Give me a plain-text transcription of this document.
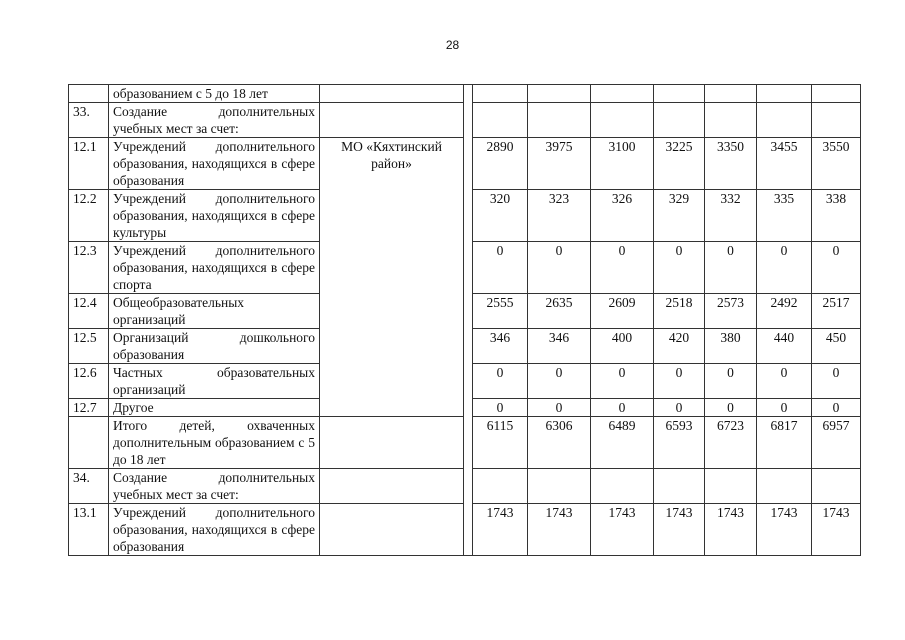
28
	образованием с 5 до 18 лет									
33.	Создание дополнительных учебных мест за счет:									
12.1	Учреждений дополнительного образования, находящихся в сфере образования	МО «Кяхтинский район»		2890	3975	3100	3225	3350	3455	3550
12.2	Учреждений дополнительного образования, находящихся в сфере культуры			320	323	326	329	332	335	338
12.3	Учреждений дополнительного образования, находящихся в сфере спорта			0	0	0	0	0	0	0
12.4	Общеобразовательных организаций			2555	2635	2609	2518	2573	2492	2517
12.5	Организаций дошкольного образования			346	346	400	420	380	440	450
12.6	Частных образовательных организаций			0	0	0	0	0	0	0
12.7	Другое			0	0	0	0	0	0	0
	Итого детей, охваченных дополнительным образованием с 5 до 18 лет			6115	6306	6489	6593	6723	6817	6957
34.	Создание дополнительных учебных мест за счет:									
13.1	Учреждений дополнительного образования, находящихся в сфере образования			1743	1743	1743	1743	1743	1743	1743
